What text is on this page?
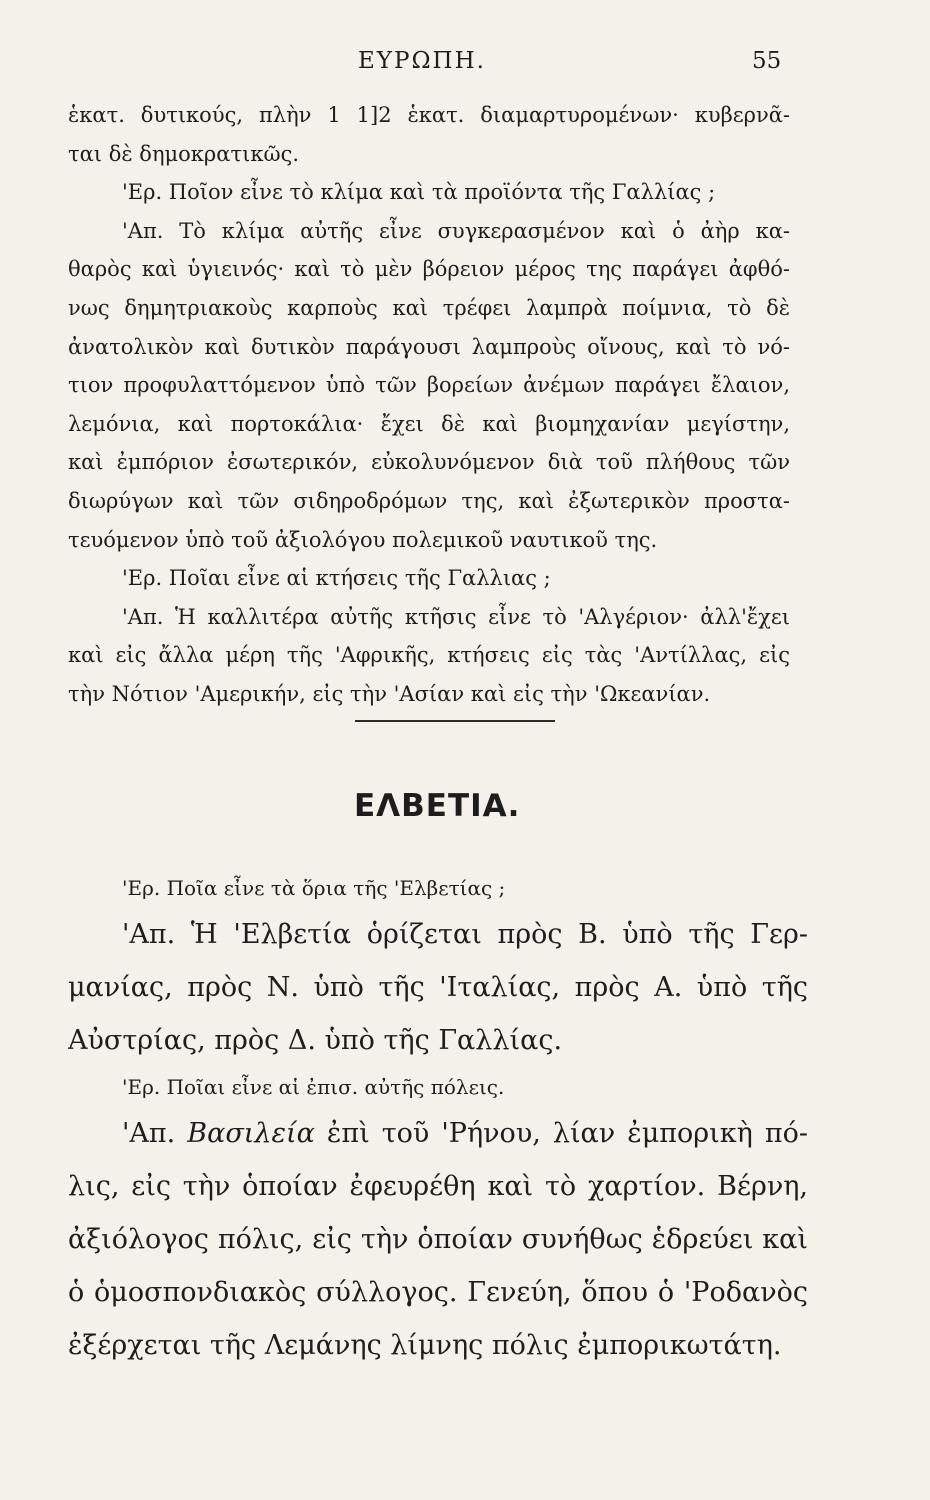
ΕΥΡΩΠΗ.	55
ἑκατ. δυτικούς, πλὴν 1 1]2 ἑκατ. διαμαρτυρομένων· κυβερνᾶ-
ται δὲ δημοκρατικῶς.
'Ερ. Ποῖον εἶνε τὸ κλίμα καὶ τὰ προϊόντα τῆς Γαλλίας ;
'Απ. Τὸ κλίμα αὐτῆς εἶνε συγκερασμένον καὶ ὁ ἀὴρ κα-
θαρὸς καὶ ὑγιεινός· καὶ τὸ μὲν βόρειον μέρος της παράγει ἀφθό-
νως δημητριακοὺς καρποὺς καὶ τρέφει λαμπρὰ ποίμνια, τὸ δὲ
ἀνατολικὸν καὶ δυτικὸν παράγουσι λαμπροὺς οἴνους, καὶ τὸ νό-
τιον προφυλαττόμενον ὑπὸ τῶν βορείων ἀνέμων παράγει ἔλαιον,
λεμόνια, καὶ πορτοκάλια· ἔχει δὲ καὶ βιομηχανίαν μεγίστην,
καὶ ἐμπόριον ἐσωτερικόν, εὐκολυνόμενον διὰ τοῦ πλήθους τῶν
διωρύγων καὶ τῶν σιδηροδρόμων της, καὶ ἐξωτερικὸν προστα-
τευόμενον ὑπὸ τοῦ ἀξιολόγου πολεμικοῦ ναυτικοῦ της.
'Ερ. Ποῖαι εἶνε αἱ κτήσεις τῆς Γαλλιας ;
'Απ. Ἡ καλλιτέρα αὐτῆς κτῆσις εἶνε τὸ 'Αλγέριον· ἀλλ'ἔχει
καὶ εἰς ἄλλα μέρη τῆς 'Αφρικῆς, κτήσεις εἰς τὰς 'Αντίλλας, εἰς
τὴν Νότιον 'Αμερικήν, εἰς τὴν 'Ασίαν καὶ εἰς τὴν 'Ωκεανίαν.
ΕΛΒΕΤΙΑ.
'Ερ. Ποῖα εἶνε τὰ ὅρια τῆς 'Ελβετίας ;
'Απ. Ἡ 'Ελβετία ὁρίζεται πρὸς Β. ὑπὸ τῆς Γερ-
μανίας, πρὸς Ν. ὑπὸ τῆς 'Ιταλίας, πρὸς Α. ὑπὸ τῆς
Αὐστρίας, πρὸς Δ. ὑπὸ τῆς Γαλλίας.
'Ερ. Ποῖαι εἶνε αἱ ἐπισ. αὐτῆς πόλεις.
'Απ. Βασιλεία ἐπὶ τοῦ 'Ρήνου, λίαν ἐμπορικὴ πό-
λις, εἰς τὴν ὁποίαν ἐφευρέθη καὶ τὸ χαρτίον. Βέρνη,
ἀξιόλογος πόλις, εἰς τὴν ὁποίαν συνήθως ἑδρεύει καὶ
ὁ ὁμοσπονδιακὸς σύλλογος. Γενεύη, ὅπου ὁ 'Ροδανὸς
ἐξέρχεται τῆς Λεμάνης λίμνης πόλις ἐμπορικωτάτη.
